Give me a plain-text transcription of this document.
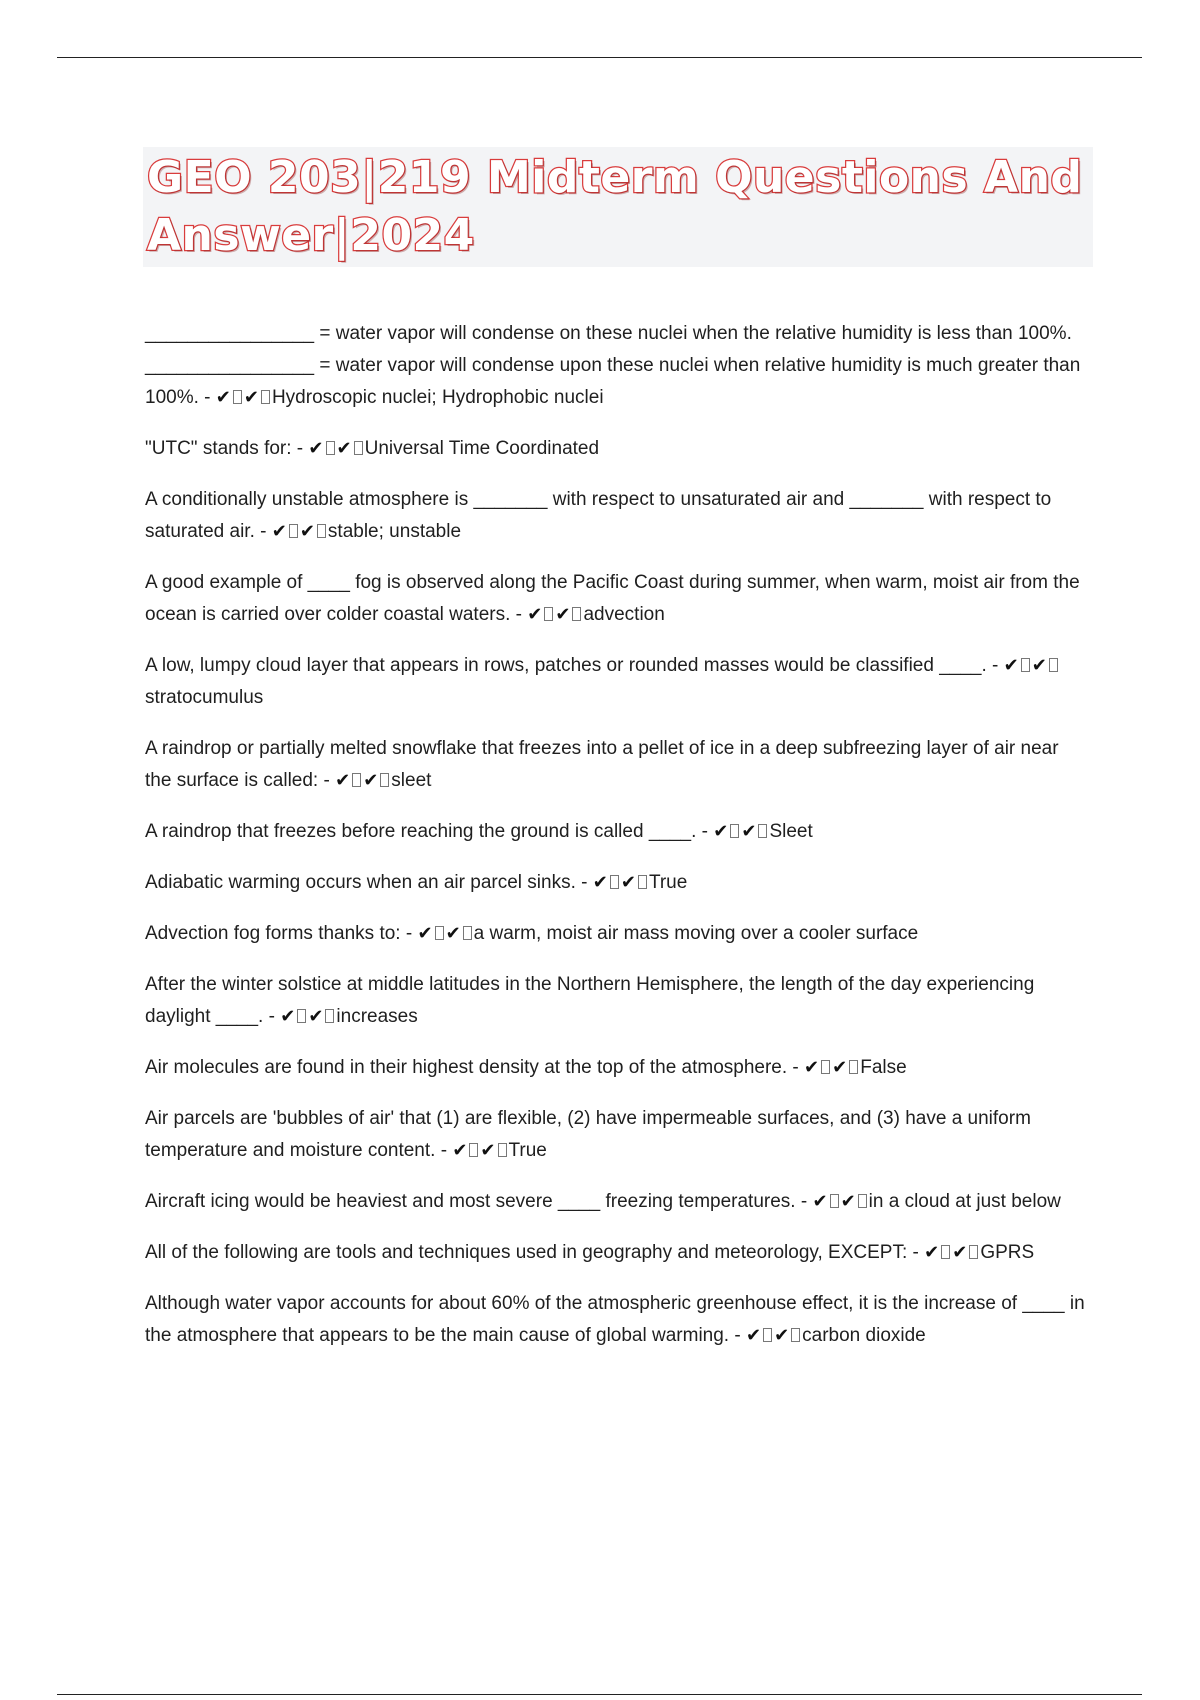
GEO 203|219 Midterm Questions And Answer|2024
________________ = water vapor will condense on these nuclei when the relative humidity is less than 100%. ________________ = water vapor will condense upon these nuclei when relative humidity is much greater than 100%. - ✔ ✔ Hydroscopic nuclei; Hydrophobic nuclei
"UTC" stands for: - ✔ ✔ Universal Time Coordinated
A conditionally unstable atmosphere is _______ with respect to unsaturated air and _______ with respect to saturated air. - ✔ ✔ stable; unstable
A good example of ____ fog is observed along the Pacific Coast during summer, when warm, moist air from the ocean is carried over colder coastal waters. - ✔ ✔ advection
A low, lumpy cloud layer that appears in rows, patches or rounded masses would be classified ____. - ✔ ✔stratocumulus
A raindrop or partially melted snowflake that freezes into a pellet of ice in a deep subfreezing layer of air near the surface is called: - ✔ ✔ sleet
A raindrop that freezes before reaching the ground is called ____. - ✔ ✔ Sleet
Adiabatic warming occurs when an air parcel sinks. - ✔ ✔ True
Advection fog forms thanks to: - ✔ ✔ a warm, moist air mass moving over a cooler surface
After the winter solstice at middle latitudes in the Northern Hemisphere, the length of the day experiencing daylight ____. - ✔ ✔ increases
Air molecules are found in their highest density at the top of the atmosphere. - ✔ ✔ False
Air parcels are 'bubbles of air' that (1) are flexible, (2) have impermeable surfaces, and (3) have a uniform temperature and moisture content. - ✔ ✔ True
Aircraft icing would be heaviest and most severe ____ freezing temperatures. - ✔ ✔ in a cloud at just below
All of the following are tools and techniques used in geography and meteorology, EXCEPT: - ✔ ✔ GPRS
Although water vapor accounts for about 60% of the atmospheric greenhouse effect, it is the increase of ____ in the atmosphere that appears to be the main cause of global warming. - ✔ ✔ carbon dioxide
